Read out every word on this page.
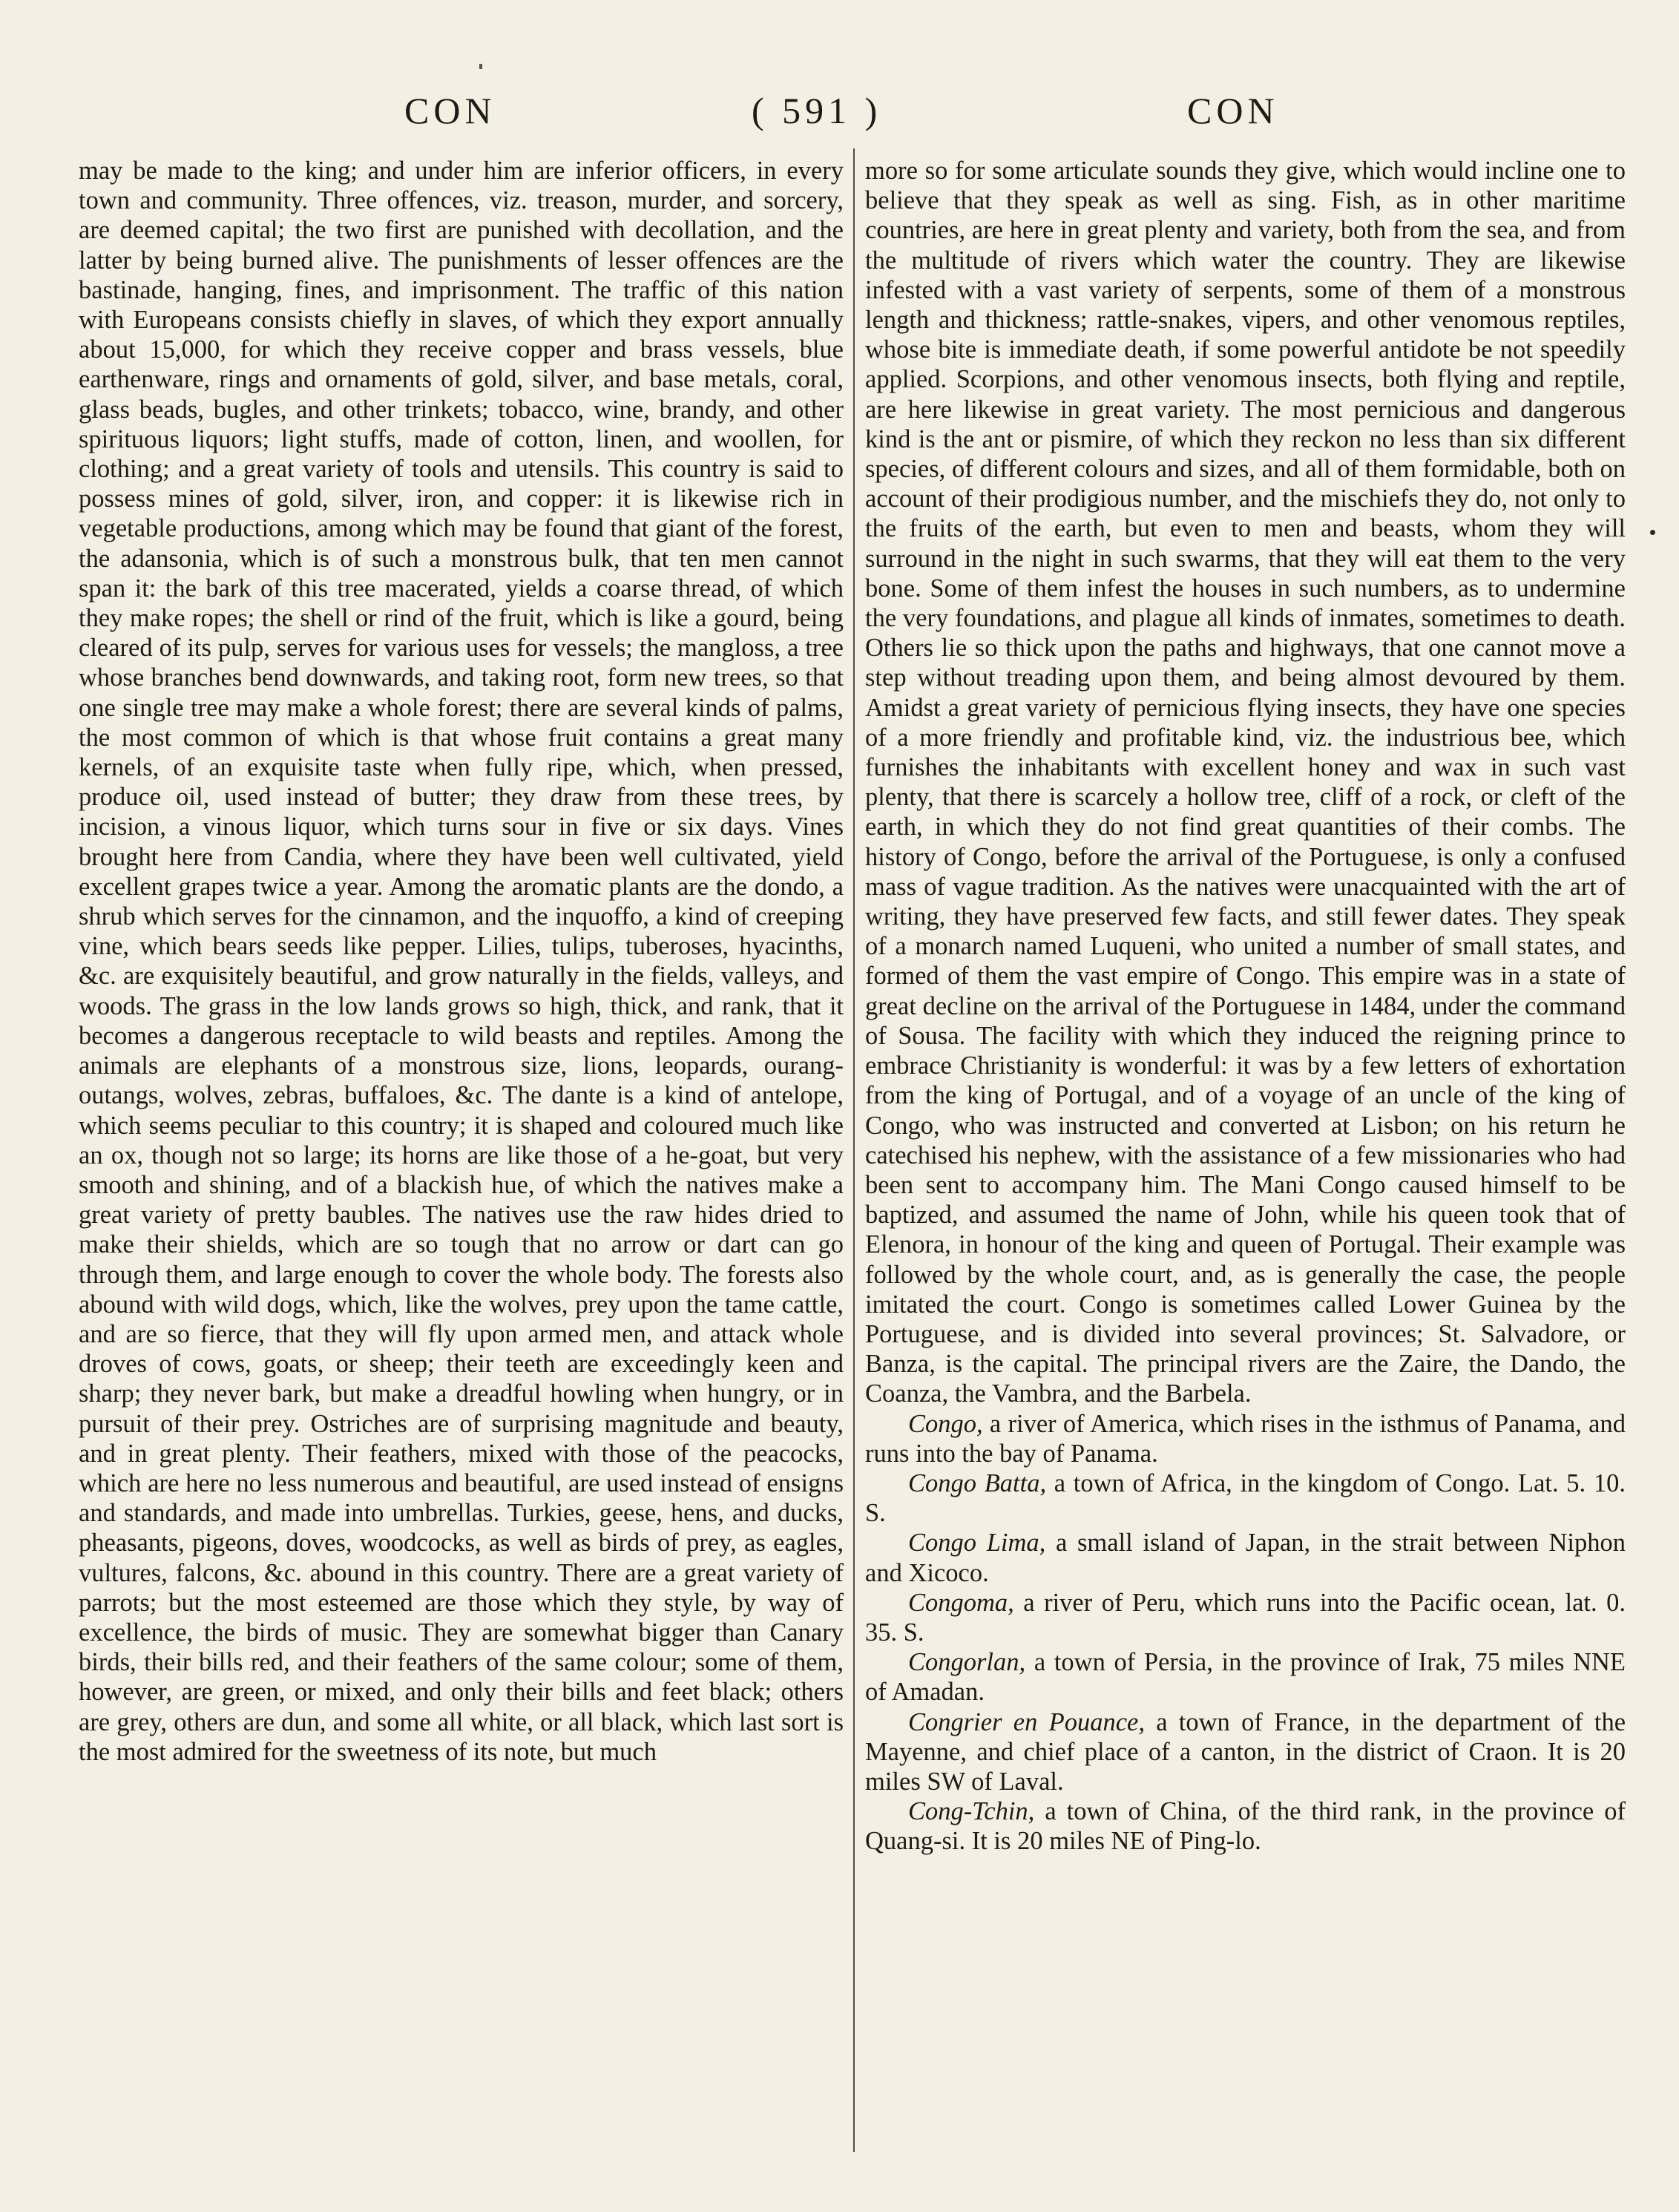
CON	( 591 )	CON

may be made to the king; and under him are inferior officers, in every town and community. Three offences, viz. treason, murder, and sorcery, are deemed capital; the two first are punished with decollation, and the latter by being burned alive. The punishments of lesser offences are the bastinade, hanging, fines, and imprisonment. The traffic of this nation with Europeans consists chiefly in slaves, of which they export annually about 15,000, for which they receive copper and brass vessels, blue earthenware, rings and ornaments of gold, silver, and base metals, coral, glass beads, bugles, and other trinkets; tobacco, wine, brandy, and other spirituous liquors; light stuffs, made of cotton, linen, and woollen, for clothing; and a great variety of tools and utensils. This country is said to possess mines of gold, silver, iron, and copper: it is likewise rich in vegetable productions, among which may be found that giant of the forest, the adansonia, which is of such a monstrous bulk, that ten men cannot span it: the bark of this tree macerated, yields a coarse thread, of which they make ropes; the shell or rind of the fruit, which is like a gourd, being cleared of its pulp, serves for various uses for vessels; the mangloss, a tree whose branches bend downwards, and taking root, form new trees, so that one single tree may make a whole forest; there are several kinds of palms, the most common of which is that whose fruit contains a great many kernels, of an exquisite taste when fully ripe, which, when pressed, produce oil, used instead of butter; they draw from these trees, by incision, a vinous liquor, which turns sour in five or six days. Vines brought here from Candia, where they have been well cultivated, yield excellent grapes twice a year. Among the aromatic plants are the dondo, a shrub which serves for the cinnamon, and the inquoffo, a kind of creeping vine, which bears seeds like pepper. Lilies, tulips, tuberoses, hyacinths, &c. are exquisitely beautiful, and grow naturally in the fields, valleys, and woods. The grass in the low lands grows so high, thick, and rank, that it becomes a dangerous receptacle to wild beasts and reptiles. Among the animals are elephants of a monstrous size, lions, leopards, ourang-outangs, wolves, zebras, buffaloes, &c. The dante is a kind of antelope, which seems peculiar to this country; it is shaped and coloured much like an ox, though not so large; its horns are like those of a he-goat, but very smooth and shining, and of a blackish hue, of which the natives make a great variety of pretty baubles. The natives use the raw hides dried to make their shields, which are so tough that no arrow or dart can go through them, and large enough to cover the whole body. The forests also abound with wild dogs, which, like the wolves, prey upon the tame cattle, and are so fierce, that they will fly upon armed men, and attack whole droves of cows, goats, or sheep; their teeth are exceedingly keen and sharp; they never bark, but make a dreadful howling when hungry, or in pursuit of their prey. Ostriches are of surprising magnitude and beauty, and in great plenty. Their feathers, mixed with those of the peacocks, which are here no less numerous and beautiful, are used instead of ensigns and standards, and made into umbrellas. Turkies, geese, hens, and ducks, pheasants, pigeons, doves, woodcocks, as well as birds of prey, as eagles, vultures, falcons, &c. abound in this country. There are a great variety of parrots; but the most esteemed are those which they style, by way of excellence, the birds of music. They are somewhat bigger than Canary birds, their bills red, and their feathers of the same colour; some of them, however, are green, or mixed, and only their bills and feet black; others are grey, others are dun, and some all white, or all black, which last sort is the most admired for the sweetness of its note, but much

more so for some articulate sounds they give, which would incline one to believe that they speak as well as sing. Fish, as in other maritime countries, are here in great plenty and variety, both from the sea, and from the multitude of rivers which water the country. They are likewise infested with a vast variety of serpents, some of them of a monstrous length and thickness; rattle-snakes, vipers, and other venomous reptiles, whose bite is immediate death, if some powerful antidote be not speedily applied. Scorpions, and other venomous insects, both flying and reptile, are here likewise in great variety. The most pernicious and dangerous kind is the ant or pismire, of which they reckon no less than six different species, of different colours and sizes, and all of them formidable, both on account of their prodigious number, and the mischiefs they do, not only to the fruits of the earth, but even to men and beasts, whom they will surround in the night in such swarms, that they will eat them to the very bone. Some of them infest the houses in such numbers, as to undermine the very foundations, and plague all kinds of inmates, sometimes to death. Others lie so thick upon the paths and highways, that one cannot move a step without treading upon them, and being almost devoured by them. Amidst a great variety of pernicious flying insects, they have one species of a more friendly and profitable kind, viz. the industrious bee, which furnishes the inhabitants with excellent honey and wax in such vast plenty, that there is scarcely a hollow tree, cliff of a rock, or cleft of the earth, in which they do not find great quantities of their combs. The history of Congo, before the arrival of the Portuguese, is only a confused mass of vague tradition. As the natives were unacquainted with the art of writing, they have preserved few facts, and still fewer dates. They speak of a monarch named Luqueni, who united a number of small states, and formed of them the vast empire of Congo. This empire was in a state of great decline on the arrival of the Portuguese in 1484, under the command of Sousa. The facility with which they induced the reigning prince to embrace Christianity is wonderful: it was by a few letters of exhortation from the king of Portugal, and of a voyage of an uncle of the king of Congo, who was instructed and converted at Lisbon; on his return he catechised his nephew, with the assistance of a few missionaries who had been sent to accompany him. The Mani Congo caused himself to be baptized, and assumed the name of John, while his queen took that of Elenora, in honour of the king and queen of Portugal. Their example was followed by the whole court, and, as is generally the case, the people imitated the court. Congo is sometimes called Lower Guinea by the Portuguese, and is divided into several provinces; St. Salvadore, or Banza, is the capital. The principal rivers are the Zaire, the Dando, the Coanza, the Vambra, and the Barbela.

Congo, a river of America, which rises in the isthmus of Panama, and runs into the bay of Panama.

Congo Batta, a town of Africa, in the kingdom of Congo. Lat. 5. 10. S.

Congo Lima, a small island of Japan, in the strait between Niphon and Xicoco.

Congoma, a river of Peru, which runs into the Pacific ocean, lat. 0. 35. S.

Congorlan, a town of Persia, in the province of Irak, 75 miles NNE of Amadan.

Congrier en Pouance, a town of France, in the department of the Mayenne, and chief place of a canton, in the district of Craon. It is 20 miles SW of Laval.

Cong-Tchin, a town of China, of the third rank, in the province of Quang-si. It is 20 miles NE of Ping-lo.
